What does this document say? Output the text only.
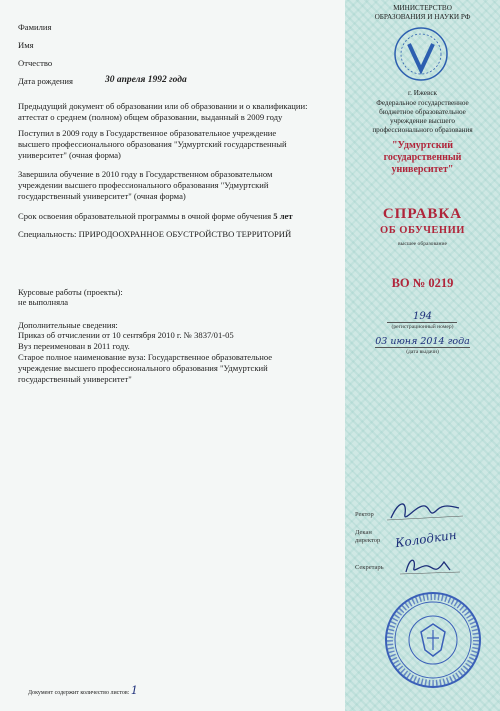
Фамилия
Имя
Отчество
Дата рождения	30 апреля 1992 года
Предыдущий документ об образовании или об образовании и о квалификации:
аттестат о среднем (полном) общем образовании, выданный в 2009 году
Поступил в 2009 году в Государственное образовательное учреждение
высшего профессионального образования "Удмуртский государственный
университет" (очная форма)
Завершила обучение в 2010 году в Государственном образовательном
учреждении высшего профессионального образования "Удмуртский
государственный университет" (очная форма)
Срок освоения образовательной программы в очной форме обучения 5 лет
Специальность: ПРИРОДООХРАННОЕ ОБУСТРОЙСТВО ТЕРРИТОРИЙ
Курсовые работы (проекты):
не выполнялa
Дополнительные сведения:
Приказ об отчислении от 10 сентября 2010 г. № 3837/01-05
Вуз переименован в 2011 году.
Старое полное наименование вуза: Государственное образовательное
учреждение высшего профессионального образования "Удмуртский
государственный университет"
Документ содержит количество листов: 1
МИНИСТЕРСТВО
ОБРАЗОВАНИЯ И НАУКИ РФ
г. Ижевск
Федеральное государственное
бюджетное образовательное
учреждение высшего
профессионального образования
"Удмуртский
государственный
университет"
СПРАВКА
ОБ ОБУЧЕНИИ
высшее образование
ВО № 0219
194
(регистрационный номер)
03 июня 2014 года
(дата выдачи)
Ректор
Декан
директор Колодкин
Секретарь
